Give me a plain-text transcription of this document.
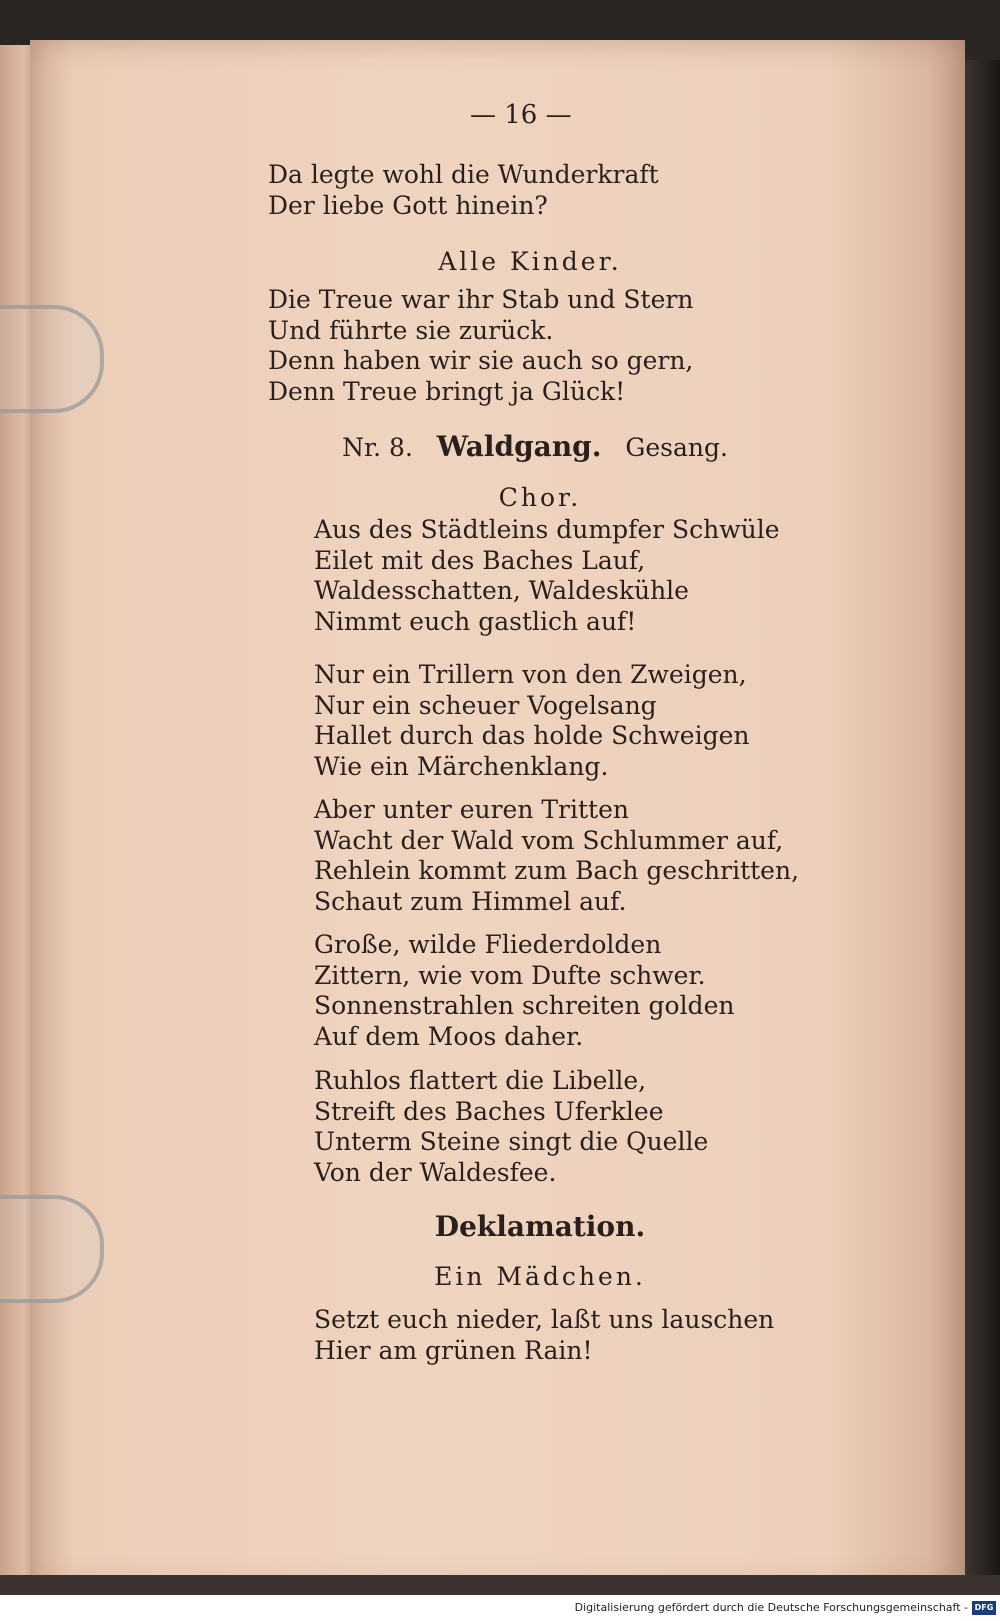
— 16 —
Da legte wohl die Wunderkraft
Der liebe Gott hinein?
Alle Kinder.
Die Treue war ihr Stab und Stern
Und führte sie zurück.
Denn haben wir sie auch so gern,
Denn Treue bringt ja Glück!
Nr. 8. Waldgang. Gesang.
Chor.
Aus des Städtleins dumpfer Schwüle
Eilet mit des Baches Lauf,
Waldesschatten, Waldeskühle
Nimmt euch gastlich auf!
Nur ein Trillern von den Zweigen,
Nur ein scheuer Vogelsang
Hallet durch das holde Schweigen
Wie ein Märchenklang.
Aber unter euren Tritten
Wacht der Wald vom Schlummer auf,
Rehlein kommt zum Bach geschritten,
Schaut zum Himmel auf.
Große, wilde Fliederdolden
Zittern, wie vom Dufte schwer.
Sonnenstrahlen schreiten golden
Auf dem Moos daher.
Ruhlos flattert die Libelle,
Streift des Baches Uferklee
Unterm Steine singt die Quelle
Von der Waldesfee.
Deklamation.
Ein Mädchen.
Setzt euch nieder, laßt uns lauschen
Hier am grünen Rain!
Digitalisierung gefördert durch die Deutsche Forschungsgemeinschaft - DFG
